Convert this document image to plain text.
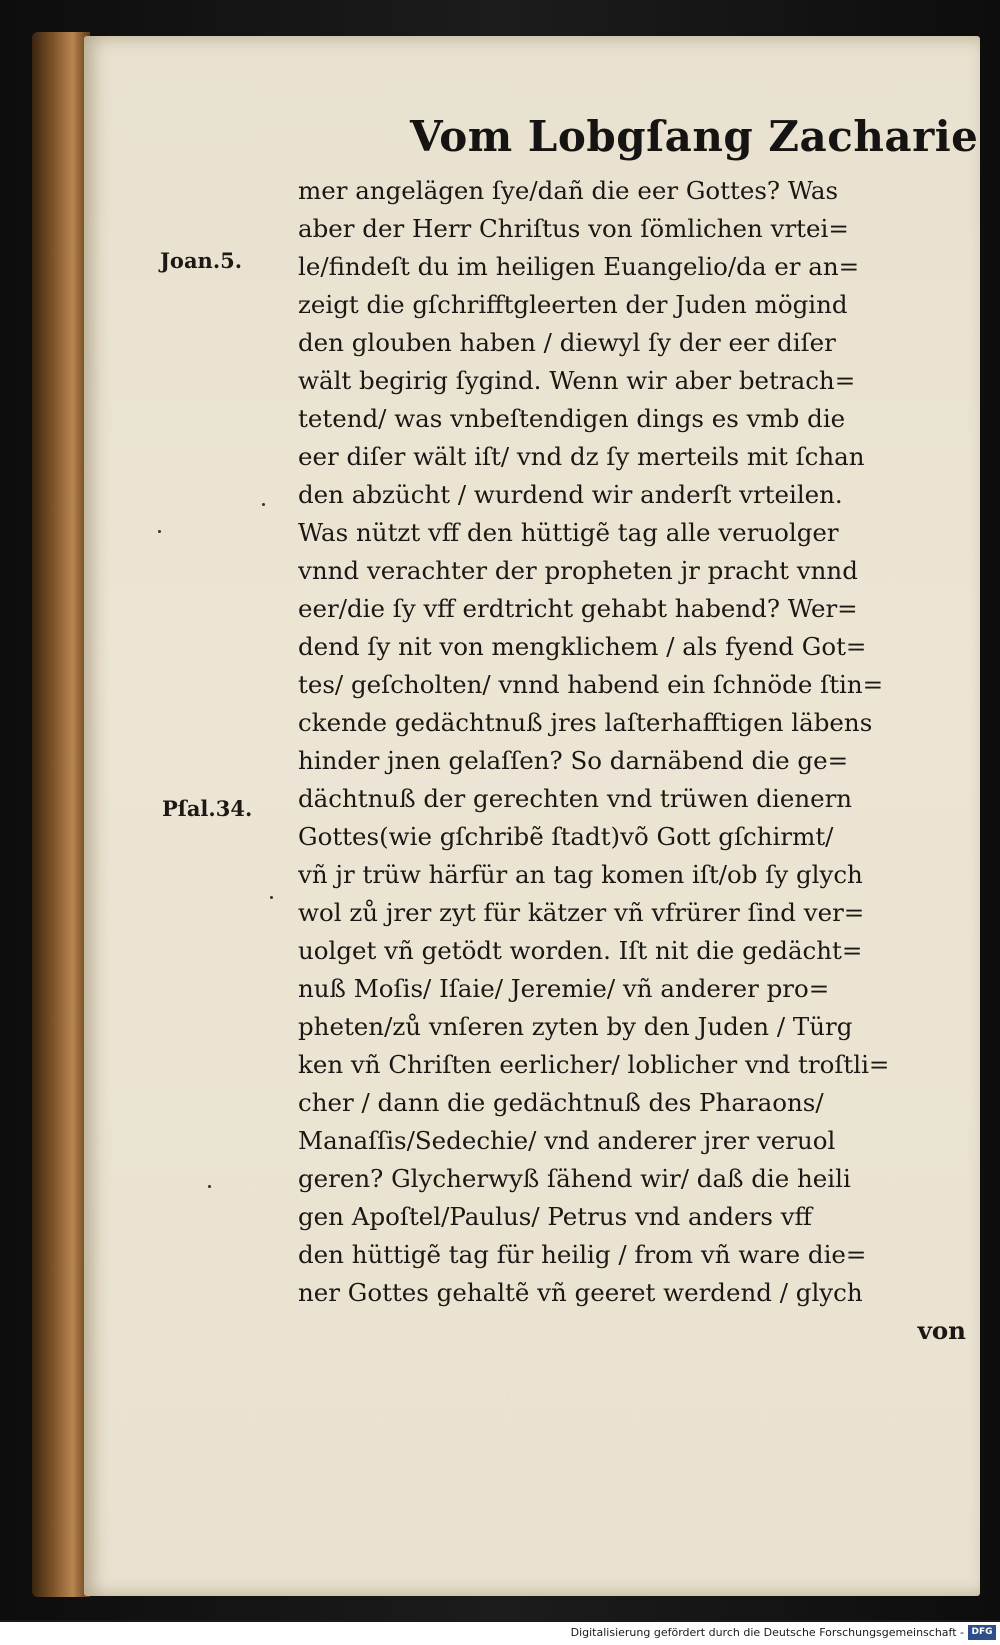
Vom Lobgſang Zacharie
Joan.5.
Pſal.34.
mer angelägen ſye/dañ die eer Gottes? Was
aber der Herr Chriſtus von ſömlichen vrtei=
le/findeſt du im heiligen Euangelio/da er an=
zeigt die gſchrifftgleerten der Juden mögind
den glouben haben / diewyl ſy der eer diſer
wält begirig ſygind. Wenn wir aber betrach=
tetend/ was vnbeſtendigen dings es vmb die
eer diſer wält iſt/ vnd dz ſy merteils mit ſchan
den abzücht / wurdend wir anderſt vrteilen.
Was nützt vff den hüttigẽ tag alle veruolger
vnnd verachter der propheten jr pracht vnnd
eer/die ſy vff erdtricht gehabt habend? Wer=
dend ſy nit von mengklichem / als fyend Got=
tes/ geſcholten/ vnnd habend ein ſchnöde ſtin=
ckende gedächtnuß jres laſterhafftigen läbens
hinder jnen gelaſſen? So darnäbend die ge=
dächtnuß der gerechten vnd trüwen dienern
Gottes(wie gſchribẽ ſtadt)võ Gott gſchirmt/
vñ jr trüw härfür an tag komen iſt/ob ſy glych
wol zů jrer zyt für kätzer vñ vfrürer ſind ver=
uolget vñ getödt worden. Iſt nit die gedächt=
nuß Moſis/ Iſaie/ Jeremie/ vñ anderer pro=
pheten/zů vnſeren zyten by den Juden / Türg
ken vñ Chriſten eerlicher/ loblicher vnd troſtli=
cher / dann die gedächtnuß des Pharaons/
Manaſſis/Sedechie/ vnd anderer jrer veruol
geren? Glycherwyß ſähend wir/ daß die heili
gen Apoſtel/Paulus/ Petrus vnd anders vff
den hüttigẽ tag für heilig / from vñ ware die=
ner Gottes gehaltẽ vñ geeret werdend / glych
von
Digitalisierung gefördert durch die Deutsche Forschungsgemeinschaft - DFG
